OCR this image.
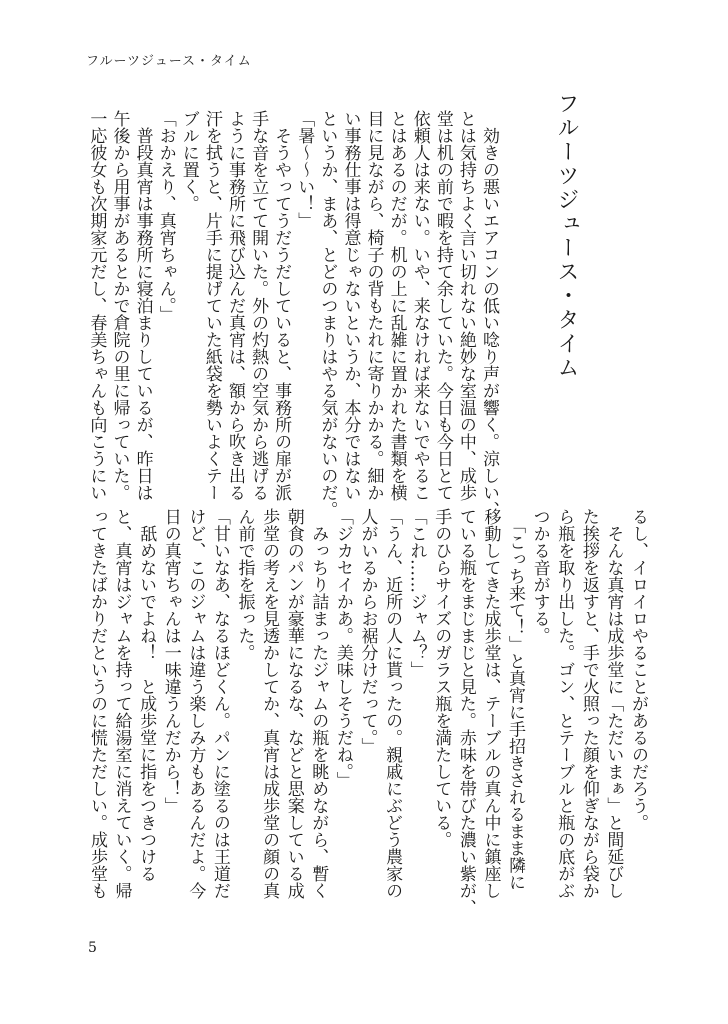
フルーツジュース・タイム
フルーツジュース・タイム
　効きの悪いエアコンの低い唸り声が響く。涼しい、
とは気持ちよく言い切れない絶妙な室温の中、成歩
堂は机の前で暇を持て余していた。今日も今日とて
依頼人は来ない。いや、来なければ来ないでやるこ
とはあるのだが。机の上に乱雑に置かれた書類を横
目に見ながら、椅子の背もたれに寄りかかる。細か
い事務仕事は得意じゃないというか、本分ではない
というか、まあ、とどのつまりはやる気がないのだ。
「暑〜〜い！」
　そうやってうだうだしていると、事務所の扉が派
手な音を立てて開いた。外の灼熱の空気から逃げる
ように事務所に飛び込んだ真宵は、額から吹き出る
汗を拭うと、片手に提げていた紙袋を勢いよくテー
ブルに置く。
「おかえり、真宵ちゃん。」
　普段真宵は事務所に寝泊まりしているが、昨日は
午後から用事があるとかで倉院の里に帰っていた。
一応彼女も次期家元だし、春美ちゃんも向こうにい
るし、イロイロやることがあるのだろう。
　そんな真宵は成歩堂に「ただいまぁ」と間延びし
た挨拶を返すと、手で火照った顔を仰ぎながら袋か
ら瓶を取り出した。ゴン、とテーブルと瓶の底がぶ
つかる音がする。
　「こっち来て！」と真宵に手招きされるまま隣に
移動してきた成歩堂は、テーブルの真ん中に鎮座し
ている瓶をまじまじと見た。赤味を帯びた濃い紫が、
手のひらサイズのガラス瓶を満たしている。
「これ……ジャム？」
「うん、近所の人に貰ったの。親戚にぶどう農家の
人がいるからお裾分けだって。」
「ジカセイかあ。美味しそうだね。」
　みっちり詰まったジャムの瓶を眺めながら、暫く
朝食のパンが豪華になるな、などと思案している成
歩堂の考えを見透かしてか、真宵は成歩堂の顔の真
ん前で指を振った。
「甘いなあ、なるほどくん。パンに塗るのは王道だ
けど、このジャムは違う楽しみ方もあるんだよ。今
日の真宵ちゃんは一味違うんだから！」
　舐めないでよね！　と成歩堂に指をつきつける
と、真宵はジャムを持って給湯室に消えていく。帰
ってきたばかりだというのに慌ただしい。成歩堂も
5
